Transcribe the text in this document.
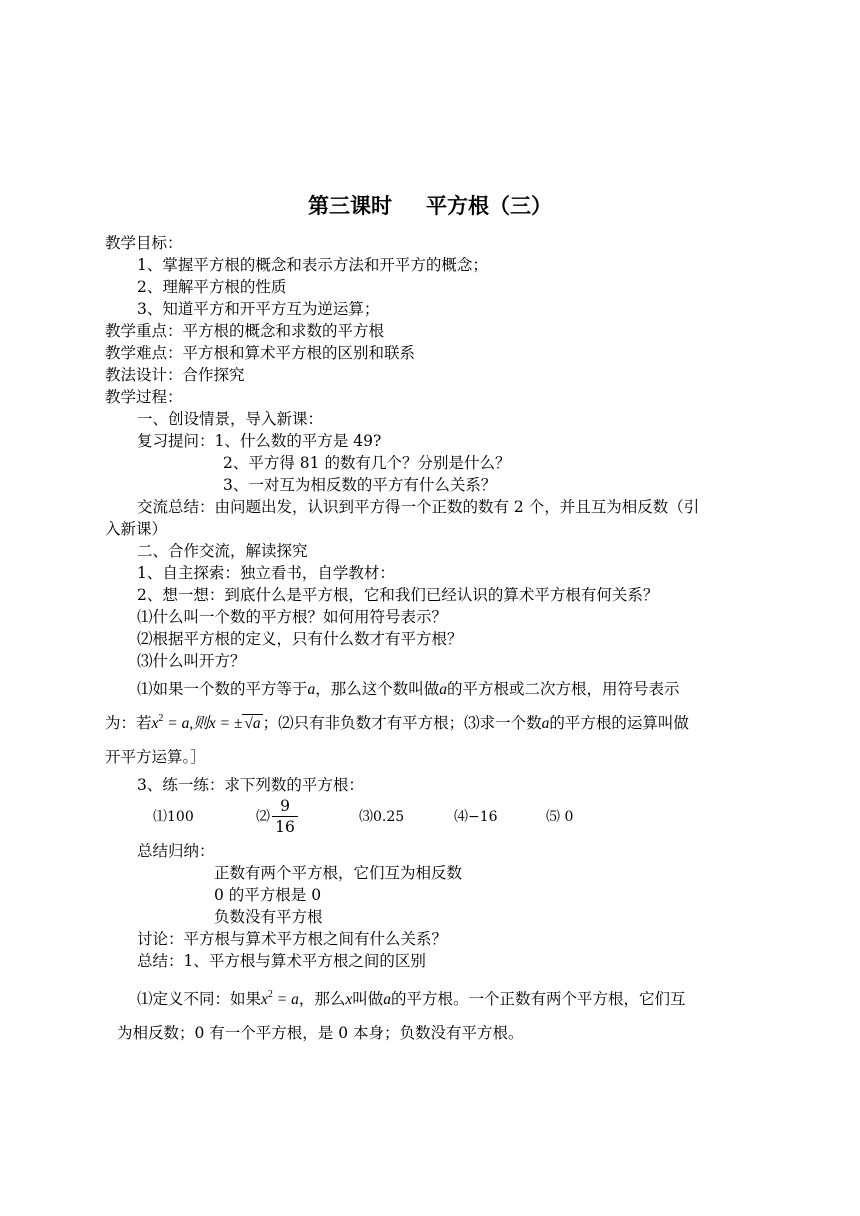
第三课时 平方根（三）
教学目标：
1、掌握平方根的概念和表示方法和开平方的概念；
2、理解平方根的性质
3、知道平方和开平方互为逆运算；
教学重点：平方根的概念和求数的平方根
教学难点：平方根和算术平方根的区别和联系
教法设计：合作探究
教学过程：
一、创设情景，导入新课：
复习提问：1、什么数的平方是 49?
2、平方得 81 的数有几个？分别是什么？
3、一对互为相反数的平方有什么关系？
交流总结：由问题出发，认识到平方得一个正数的数有 2 个，并且互为相反数（引
入新课）
二、合作交流，解读探究
1、自主探索：独立看书，自学教材：
2、想一想：到底什么是平方根，它和我们已经认识的算术平方根有何关系？
⑴什么叫一个数的平方根？如何用符号表示？
⑵根据平方根的定义，只有什么数才有平方根？
⑶什么叫开方？
⑴如果一个数的平方等于a，那么这个数叫做a的平方根或二次方根，用符号表示
为：若$x^2 = a$,则x = ± √a ；⑵只有非负数才有平方根；⑶求一个数a的平方根的运算叫做
开平方运算。］
3、练一练：求下列数的平方根：
⑴100	⑵ $\frac{9}{16}$	⑶0.25	⑷−16	⑸ 0
总结归纳：
正数有两个平方根，它们互为相反数
0 的平方根是 0
负数没有平方根
讨论：平方根与算术平方根之间有什么关系？
总结：1、平方根与算术平方根之间的区别
⑴定义不同：如果$x^2 = a$，那么x叫做a的平方根。一个正数有两个平方根，它们互
为相反数；0 有一个平方根，是 0 本身；负数没有平方根。
